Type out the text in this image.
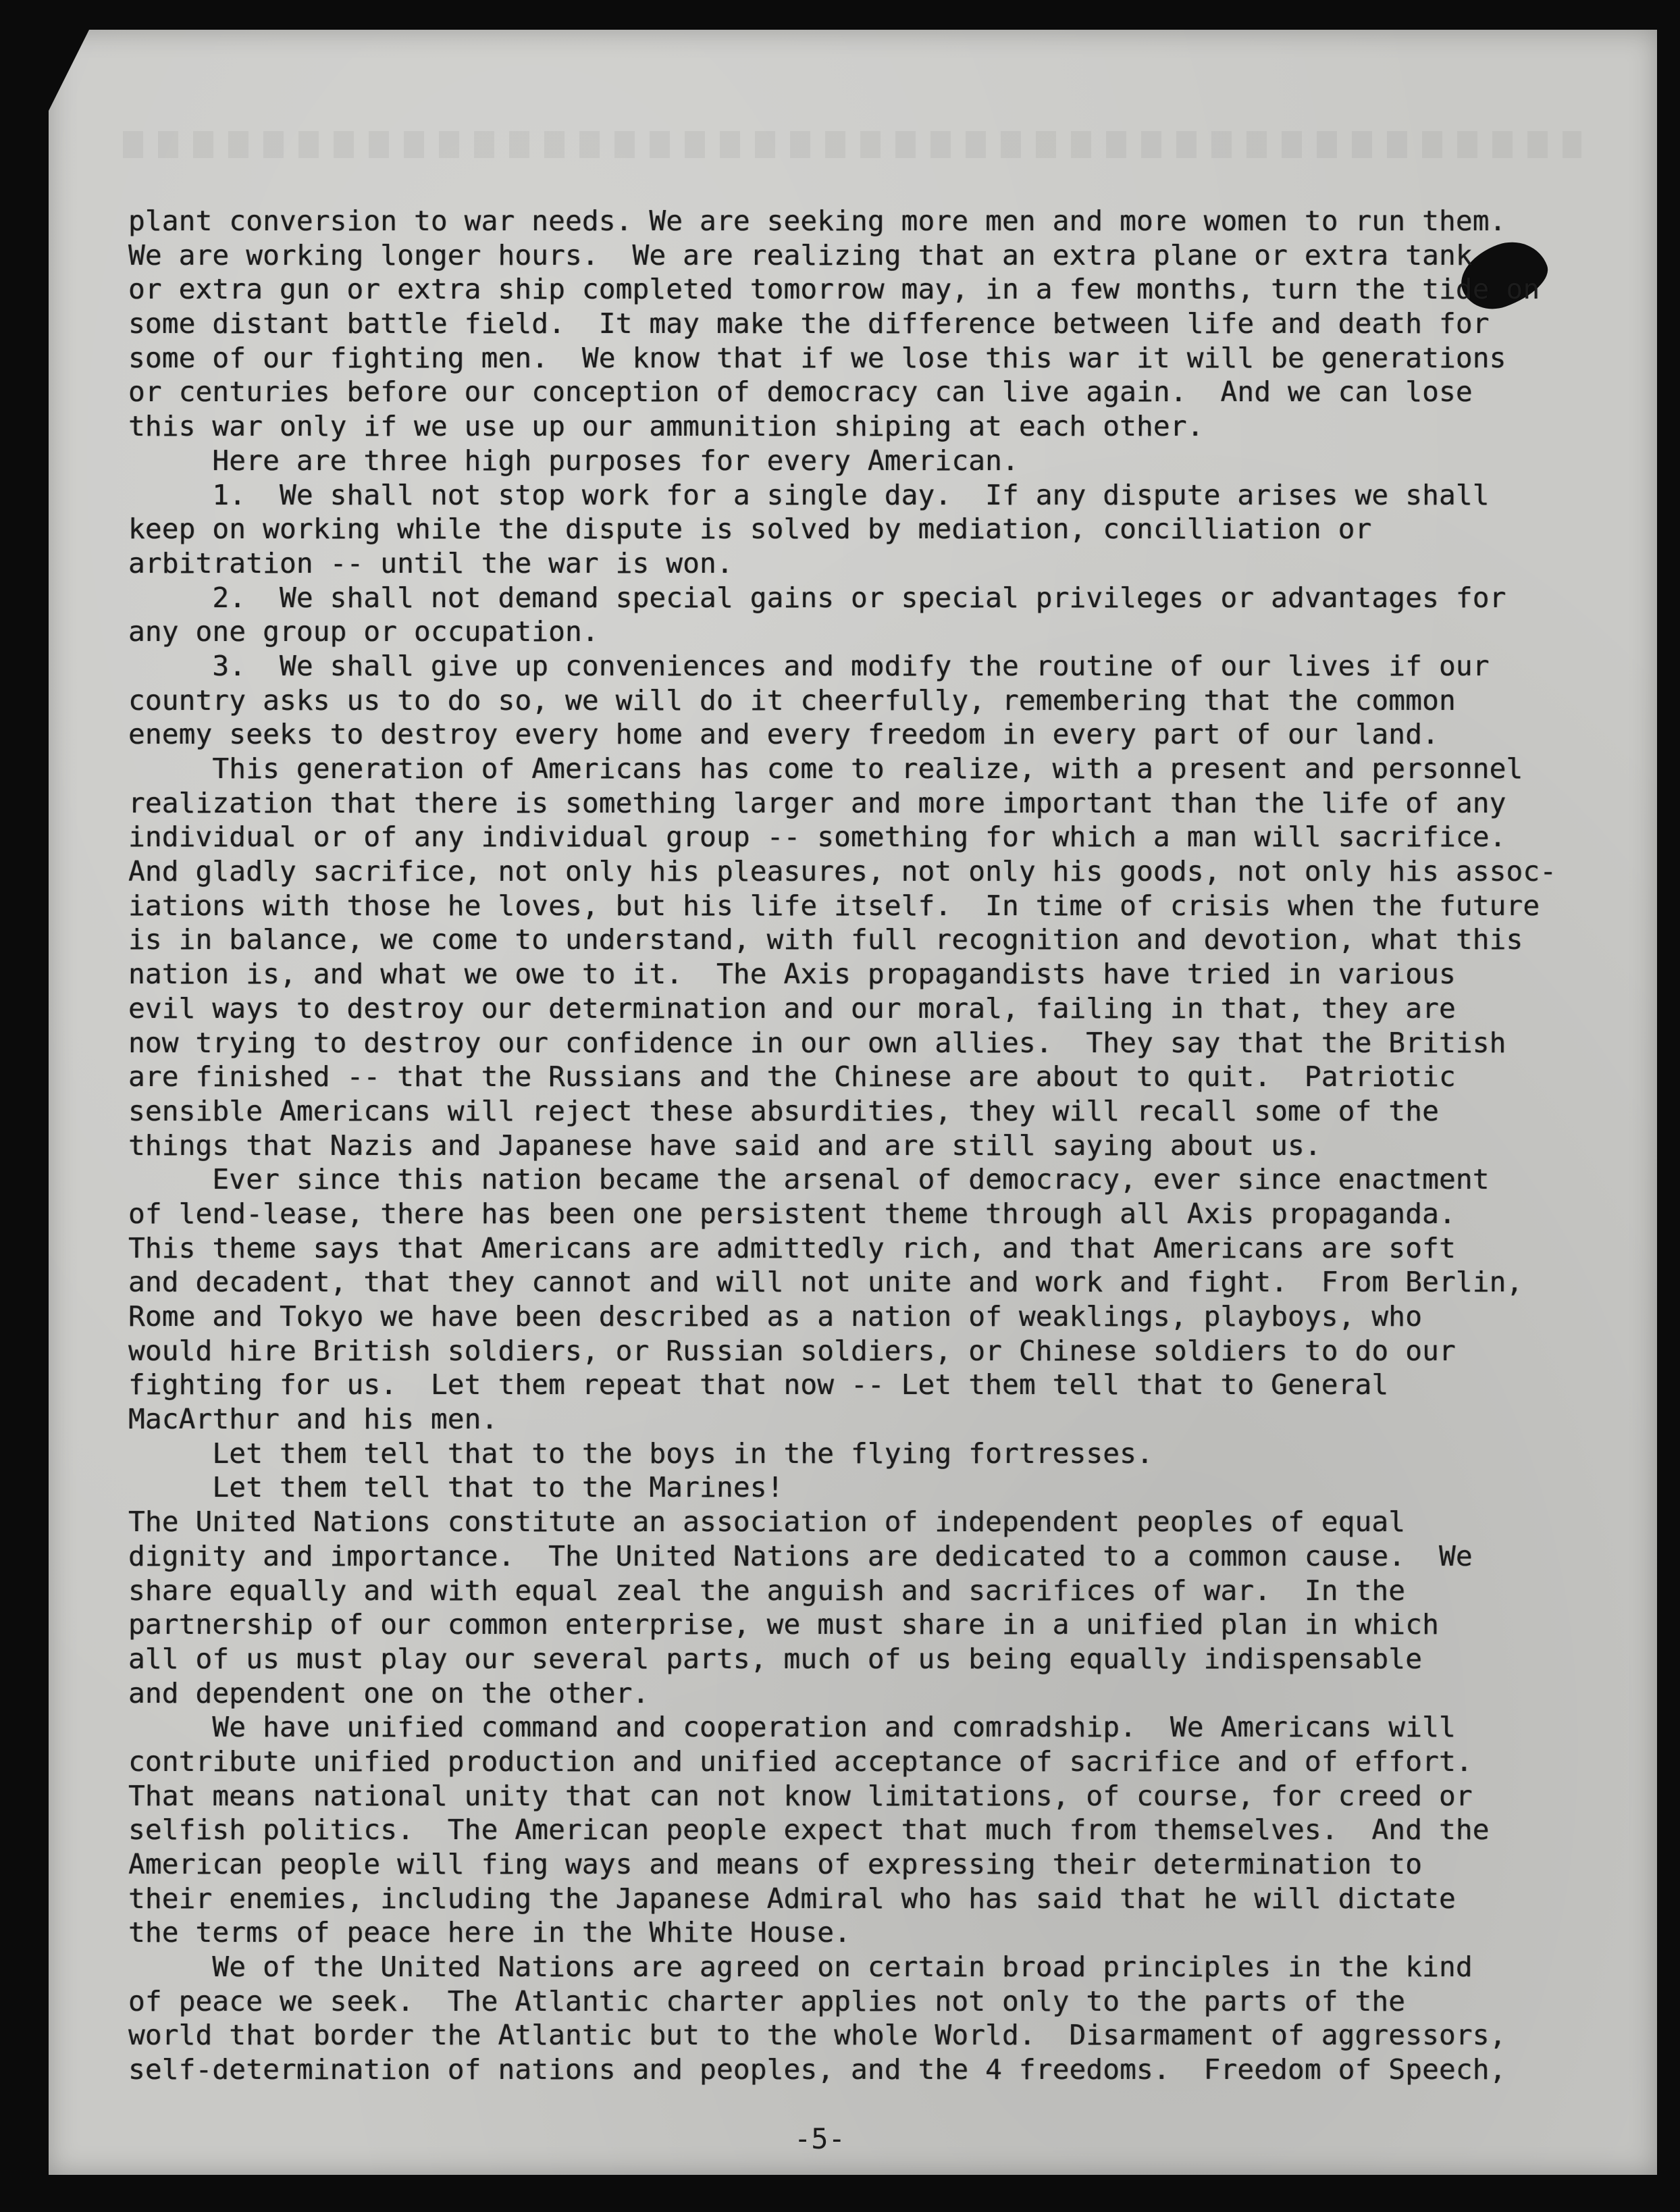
plant conversion to war needs. We are seeking more men and more women to run them.
We are working longer hours.  We are realizing that an extra plane or extra tank
or extra gun or extra ship completed tomorrow may, in a few months, turn the tide on
some distant battle field.  It may make the difference between life and death for
some of our fighting men.  We know that if we lose this war it will be generations
or centuries before our conception of democracy can live again.  And we can lose
this war only if we use up our ammunition shiping at each other.
Here are three high purposes for every American.
1.  We shall not stop work for a single day.  If any dispute arises we shall
keep on working while the dispute is solved by mediation, concilliation or
arbitration -- until the war is won.
2.  We shall not demand special gains or special privileges or advantages for
any one group or occupation.
3.  We shall give up conveniences and modify the routine of our lives if our
country asks us to do so, we will do it cheerfully, remembering that the common
enemy seeks to destroy every home and every freedom in every part of our land.
This generation of Americans has come to realize, with a present and personnel
realization that there is something larger and more important than the life of any
individual or of any individual group -- something for which a man will sacrifice.
And gladly sacrifice, not only his pleasures, not only his goods, not only his assoc-
iations with those he loves, but his life itself.  In time of crisis when the future
is in balance, we come to understand, with full recognition and devotion, what this
nation is, and what we owe to it.  The Axis propagandists have tried in various
evil ways to destroy our determination and our moral, failing in that, they are
now trying to destroy our confidence in our own allies.  They say that the British
are finished -- that the Russians and the Chinese are about to quit.  Patriotic
sensible Americans will reject these absurdities, they will recall some of the
things that Nazis and Japanese have said and are still saying about us.
Ever since this nation became the arsenal of democracy, ever since enactment
of lend-lease, there has been one persistent theme through all Axis propaganda.
This theme says that Americans are admittedly rich, and that Americans are soft
and decadent, that they cannot and will not unite and work and fight.  From Berlin,
Rome and Tokyo we have been described as a nation of weaklings, playboys, who
would hire British soldiers, or Russian soldiers, or Chinese soldiers to do our
fighting for us.  Let them repeat that now -- Let them tell that to General
MacArthur and his men.
Let them tell that to the boys in the flying fortresses.
Let them tell that to the Marines!
The United Nations constitute an association of independent peoples of equal
dignity and importance.  The United Nations are dedicated to a common cause.  We
share equally and with equal zeal the anguish and sacrifices of war.  In the
partnership of our common enterprise, we must share in a unified plan in which
all of us must play our several parts, much of us being equally indispensable
and dependent one on the other.
We have unified command and cooperation and comradship.  We Americans will
contribute unified production and unified acceptance of sacrifice and of effort.
That means national unity that can not know limitations, of course, for creed or
selfish politics.  The American people expect that much from themselves.  And the
American people will fing ways and means of expressing their determination to
their enemies, including the Japanese Admiral who has said that he will dictate
the terms of peace here in the White House.
We of the United Nations are agreed on certain broad principles in the kind
of peace we seek.  The Atlantic charter applies not only to the parts of the
world that border the Atlantic but to the whole World.  Disarmament of aggressors,
self-determination of nations and peoples, and the 4 freedoms.  Freedom of Speech,
-5-
